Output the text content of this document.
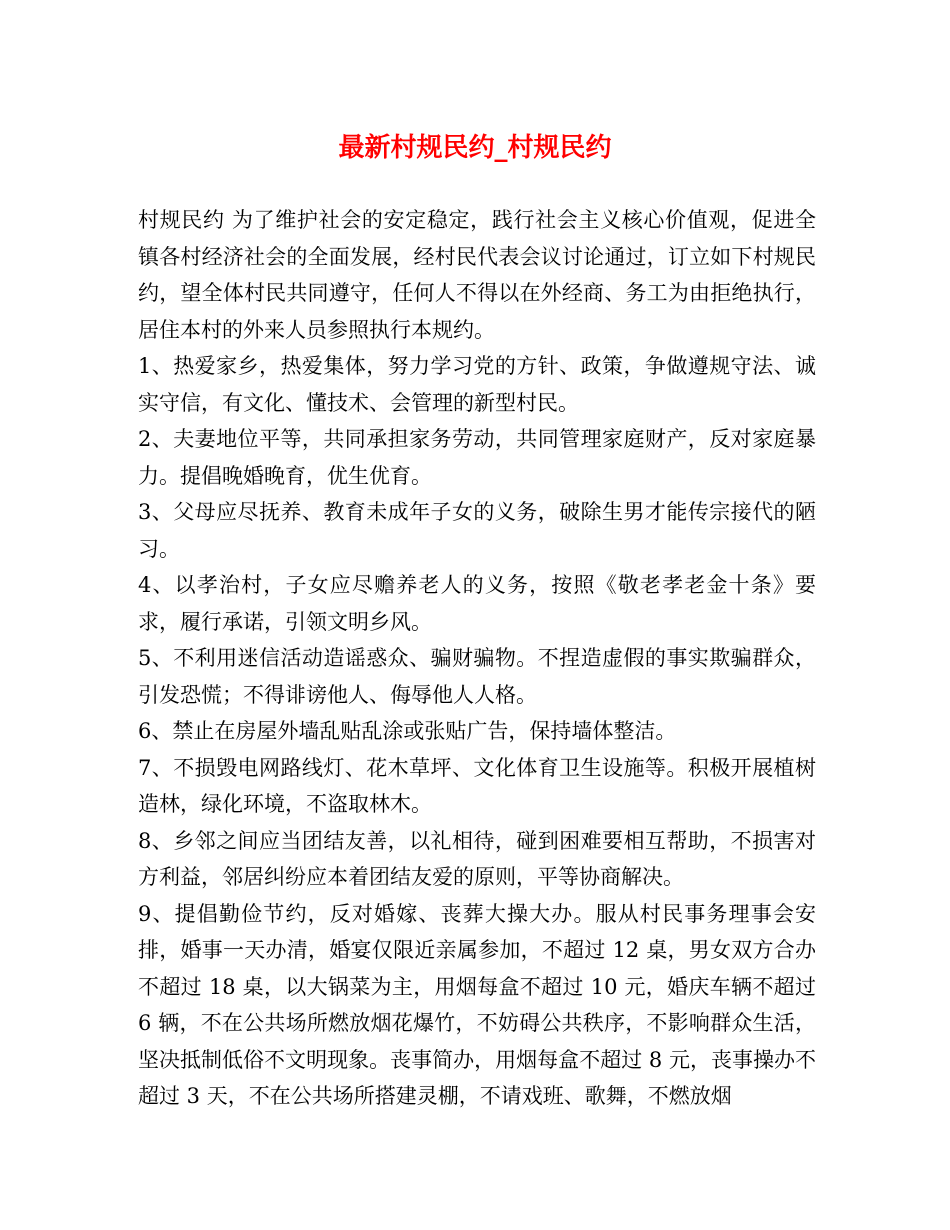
最新村规民约_村规民约

村规民约 为了维护社会的安定稳定，践行社会主义核心价值观，促进全镇各村经济社会的全面发展，经村民代表会议讨论通过，订立如下村规民约，望全体村民共同遵守，任何人不得以在外经商、务工为由拒绝执行，居住本村的外来人员参照执行本规约。

1、热爱家乡，热爱集体，努力学习党的方针、政策，争做遵规守法、诚实守信，有文化、懂技术、会管理的新型村民。

2、夫妻地位平等，共同承担家务劳动，共同管理家庭财产，反对家庭暴力。提倡晚婚晚育，优生优育。

3、父母应尽抚养、教育未成年子女的义务，破除生男才能传宗接代的陋习。

4、以孝治村，子女应尽赡养老人的义务，按照《敬老孝老金十条》要求，履行承诺，引领文明乡风。

5、不利用迷信活动造谣惑众、骗财骗物。不捏造虚假的事实欺骗群众，引发恐慌；不得诽谤他人、侮辱他人人格。

6、禁止在房屋外墙乱贴乱涂或张贴广告，保持墙体整洁。

7、不损毁电网路线灯、花木草坪、文化体育卫生设施等。积极开展植树造林，绿化环境，不盗取林木。

8、乡邻之间应当团结友善，以礼相待，碰到困难要相互帮助，不损害对方利益，邻居纠纷应本着团结友爱的原则，平等协商解决。

9、提倡勤俭节约，反对婚嫁、丧葬大操大办。服从村民事务理事会安排，婚事一天办清，婚宴仅限近亲属参加，不超过 12 桌，男女双方合办不超过 18 桌，以大锅菜为主，用烟每盒不超过 10 元，婚庆车辆不超过 6 辆，不在公共场所燃放烟花爆竹，不妨碍公共秩序，不影响群众生活，坚决抵制低俗不文明现象。丧事简办，用烟每盒不超过 8 元，丧事操办不超过 3 天，不在公共场所搭建灵棚，不请戏班、歌舞，不燃放烟
